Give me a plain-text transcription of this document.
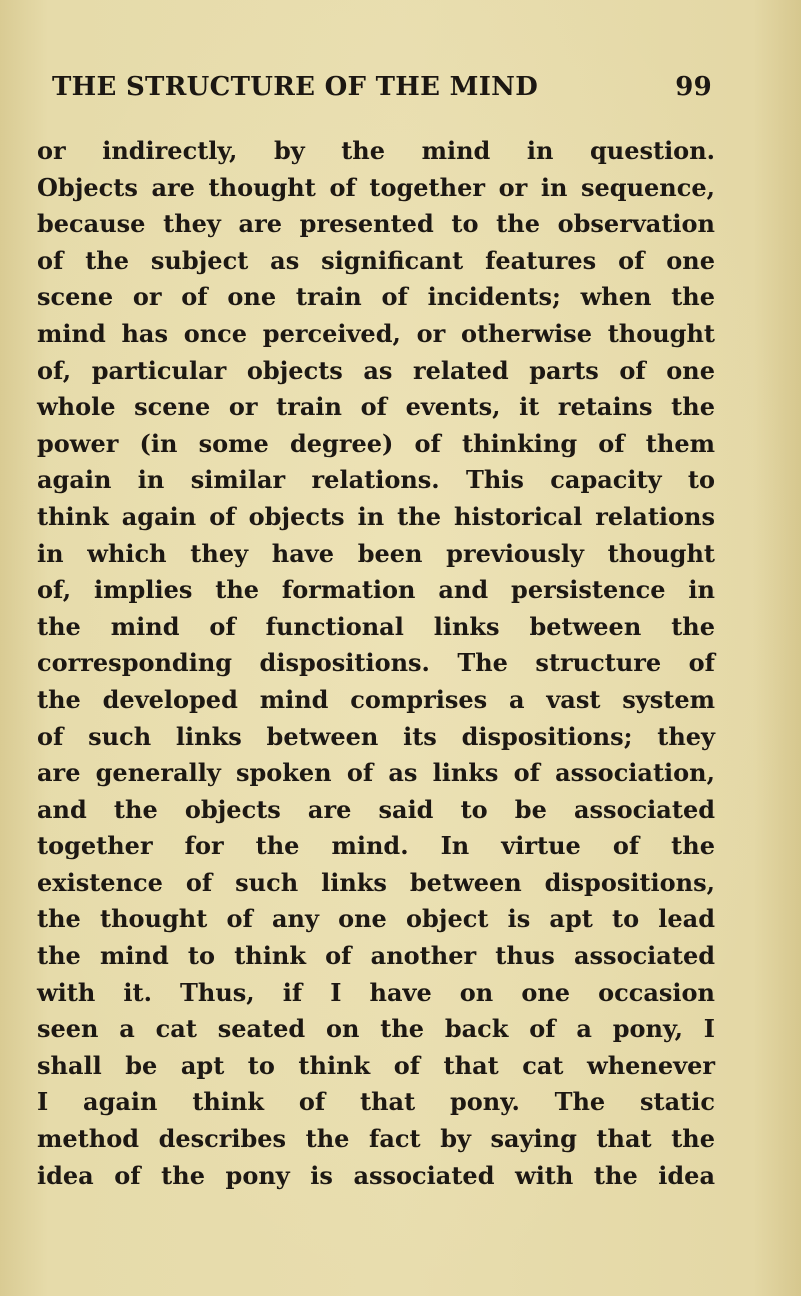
THE STRUCTURE OF THE MIND	99
or indirectly, by the mind in question.
Objects are thought of together or in sequence,
because they are presented to the observation
of the subject as significant features of one
scene or of one train of incidents; when the
mind has once perceived, or otherwise thought
of, particular objects as related parts of one
whole scene or train of events, it retains the
power (in some degree) of thinking of them
again in similar relations. This capacity to
think again of objects in the historical relations
in which they have been previously thought
of, implies the formation and persistence in
the mind of functional links between the
corresponding dispositions. The structure of
the developed mind comprises a vast system
of such links between its dispositions; they
are generally spoken of as links of association,
and the objects are said to be associated
together for the mind. In virtue of the
existence of such links between dispositions,
the thought of any one object is apt to lead
the mind to think of another thus associated
with it. Thus, if I have on one occasion
seen a cat seated on the back of a pony, I
shall be apt to think of that cat whenever
I again think of that pony. The static
method describes the fact by saying that the
idea of the pony is associated with the idea
